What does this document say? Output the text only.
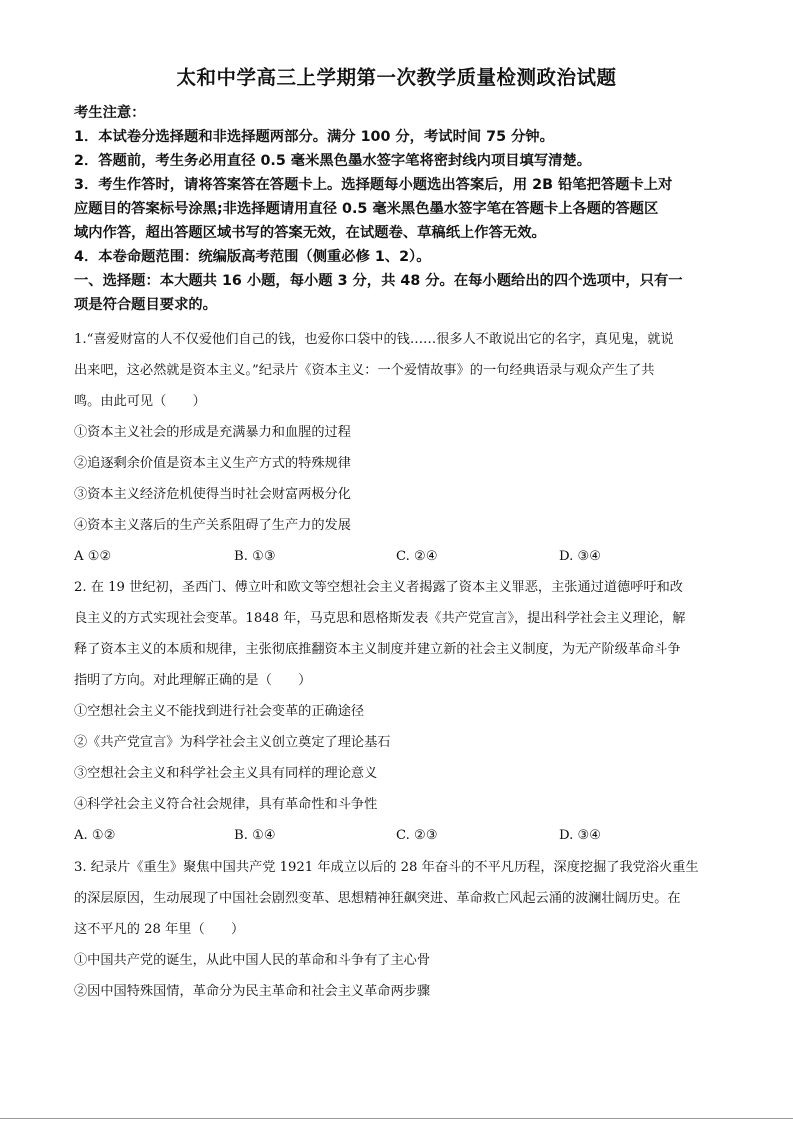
太和中学高三上学期第一次教学质量检测政治试题
考生注意：
1．本试卷分选择题和非选择题两部分。满分 100 分，考试时间 75 分钟。
2．答题前，考生务必用直径 0.5 毫米黑色墨水签字笔将密封线内项目填写清楚。
3．考生作答时，请将答案答在答题卡上。选择题每小题选出答案后，用 2B 铅笔把答题卡上对
应题目的答案标号涂黑;非选择题请用直径 0.5 毫米黑色墨水签字笔在答题卡上各题的答题区
域内作答，超出答题区域书写的答案无效，在试题卷、草稿纸上作答无效。
4．本卷命题范围：统编版高考范围（侧重必修 1、2）。
一、选择题：本大题共 16 小题，每小题 3 分，共 48 分。在每小题给出的四个选项中，只有一
项是符合题目要求的。
1.“喜爱财富的人不仅爱他们自己的钱，也爱你口袋中的钱……很多人不敢说出它的名字，真见鬼，就说
出来吧，这必然就是资本主义。”纪录片《资本主义：一个爱情故事》的一句经典语录与观众产生了共
鸣。由此可见（　　）
①资本主义社会的形成是充满暴力和血腥的过程
②追逐剩余价值是资本主义生产方式的特殊规律
③资本主义经济危机使得当时社会财富两极分化
④资本主义落后的生产关系阻碍了生产力的发展
A ①②	B. ①③	C. ②④	D. ③④
2. 在 19 世纪初，圣西门、傅立叶和欧文等空想社会主义者揭露了资本主义罪恶，主张通过道德呼吁和改
良主义的方式实现社会变革。1848 年，马克思和恩格斯发表《共产党宣言》，提出科学社会主义理论，解
释了资本主义的本质和规律，主张彻底推翻资本主义制度并建立新的社会主义制度，为无产阶级革命斗争
指明了方向。对此理解正确的是（　　）
①空想社会主义不能找到进行社会变革的正确途径
②《共产党宣言》为科学社会主义创立奠定了理论基石
③空想社会主义和科学社会主义具有同样的理论意义
④科学社会主义符合社会规律，具有革命性和斗争性
A. ①②	B. ①④	C. ②③	D. ③④
3. 纪录片《重生》聚焦中国共产党 1921 年成立以后的 28 年奋斗的不平凡历程，深度挖掘了我党浴火重生
的深层原因，生动展现了中国社会剧烈变革、思想精神狂飙突进、革命救亡风起云涌的波澜壮阔历史。在
这不平凡的 28 年里（　　）
①中国共产党的诞生，从此中国人民的革命和斗争有了主心骨
②因中国特殊国情，革命分为民主革命和社会主义革命两步骤
